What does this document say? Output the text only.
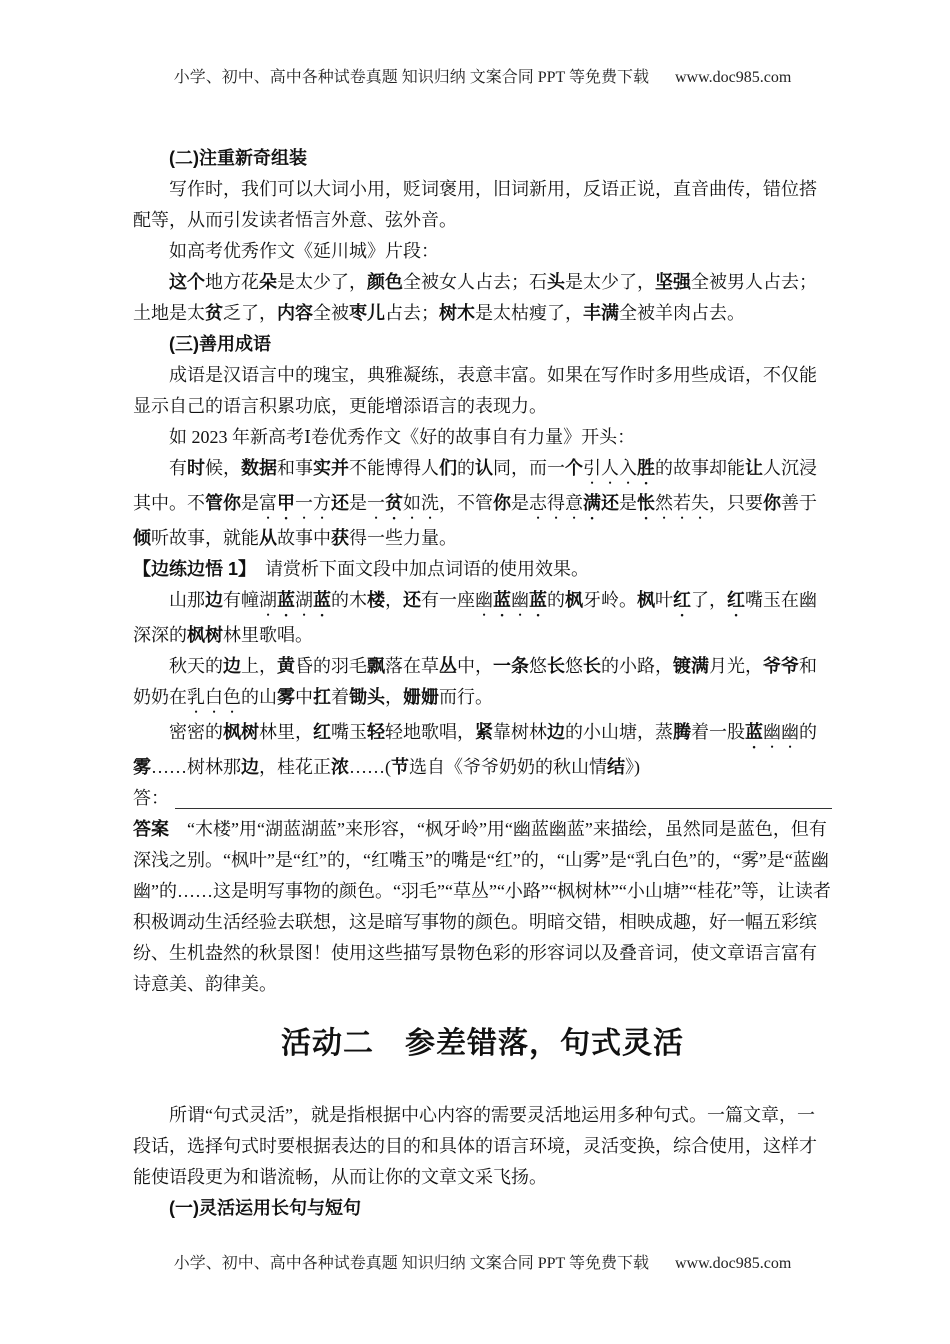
小学、初中、高中各种试卷真题 知识归纳 文案合同 PPT 等免费下载 www.doc985.com

(二)注重新奇组装

写作时，我们可以大词小用，贬词褒用，旧词新用，反语正说，直音曲传，错位搭配等，从而引发读者悟言外意、弦外音。

如高考优秀作文《延川城》片段：

这个地方花朵是太少了，颜色全被女人占去；石头是太少了，坚强全被男人占去；土地是太贫乏了，内容全被枣儿占去；树木是太枯瘦了，丰满全被羊肉占去。

(三)善用成语

成语是汉语言中的瑰宝，典雅凝练，表意丰富。如果在写作时多用些成语，不仅能显示自己的语言积累功底，更能增添语言的表现力。

如 2023 年新高考Ⅰ卷优秀作文《好的故事自有力量》开头：

有时候，数据和事实并不能博得人们的认同，而一个引人入胜的故事却能让人沉浸其中。不管你是富甲一方还是一贫如洗，不管你是志得意满还是怅然若失，只要你善于倾听故事，就能从故事中获得一些力量。

【边练边悟 1】　请赏析下面文段中加点词语的使用效果。

山那边有幢湖蓝湖蓝的木楼，还有一座幽蓝幽蓝的枫牙岭。枫叶红了，红嘴玉在幽深深的枫树林里歌唱。

秋天的边上，黄昏的羽毛飘落在草丛中，一条悠长悠长的小路，镀满月光，爷爷和奶奶在乳白色的山雾中扛着锄头，姗姗而行。

密密的枫树林里，红嘴玉轻轻地歌唱，紧靠树林边的小山塘，蒸腾着一股蓝幽幽的雾……树林那边，桂花正浓……(节选自《爷爷奶奶的秋山情结》)

答：

答案　“木楼”用“湖蓝湖蓝”来形容，“枫牙岭”用“幽蓝幽蓝”来描绘，虽然同是蓝色，但有深浅之别。“枫叶”是“红”的，“红嘴玉”的嘴是“红”的，“山雾”是“乳白色”的，“雾”是“蓝幽幽”的……这是明写事物的颜色。“羽毛”“草丛”“小路”“枫树林”“小山塘”“桂花”等，让读者积极调动生活经验去联想，这是暗写事物的颜色。明暗交错，相映成趣，好一幅五彩缤纷、生机盎然的秋景图！使用这些描写景物色彩的形容词以及叠音词，使文章语言富有诗意美、韵律美。

活动二　参差错落，句式灵活

所谓“句式灵活”，就是指根据中心内容的需要灵活地运用多种句式。一篇文章，一段话，选择句式时要根据表达的目的和具体的语言环境，灵活变换，综合使用，这样才能使语段更为和谐流畅，从而让你的文章文采飞扬。

(一)灵活运用长句与短句

小学、初中、高中各种试卷真题 知识归纳 文案合同 PPT 等免费下载 www.doc985.com
